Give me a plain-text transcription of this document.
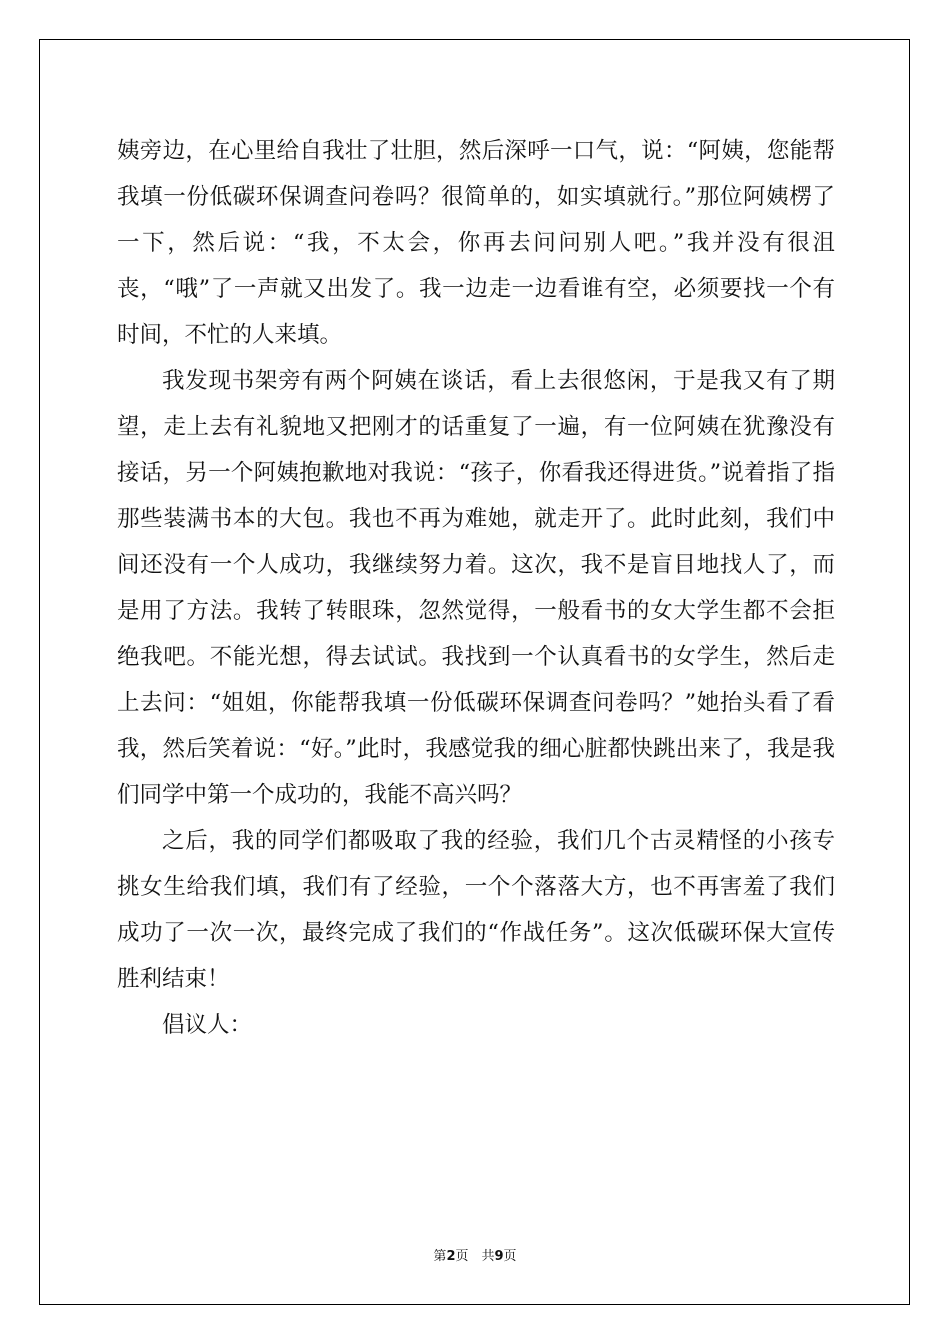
姨旁边，在心里给自我壮了壮胆，然后深呼一口气，说：“阿姨，您能帮我填一份低碳环保调查问卷吗？很简单的，如实填就行。”那位阿姨楞了一下，然后说：“我，不太会，你再去问问别人吧。”我并没有很沮丧，“哦”了一声就又出发了。我一边走一边看谁有空，必须要找一个有时间，不忙的人来填。

我发现书架旁有两个阿姨在谈话，看上去很悠闲，于是我又有了期望，走上去有礼貌地又把刚才的话重复了一遍，有一位阿姨在犹豫没有接话，另一个阿姨抱歉地对我说：“孩子，你看我还得进货。”说着指了指那些装满书本的大包。我也不再为难她，就走开了。此时此刻，我们中间还没有一个人成功，我继续努力着。这次，我不是盲目地找人了，而是用了方法。我转了转眼珠，忽然觉得，一般看书的女大学生都不会拒绝我吧。不能光想，得去试试。我找到一个认真看书的女学生，然后走上去问：“姐姐，你能帮我填一份低碳环保调查问卷吗？”她抬头看了看我，然后笑着说：“好。”此时，我感觉我的细心脏都快跳出来了，我是我们同学中第一个成功的，我能不高兴吗？

之后，我的同学们都吸取了我的经验，我们几个古灵精怪的小孩专挑女生给我们填，我们有了经验，一个个落落大方，也不再害羞了我们成功了一次一次，最终完成了我们的“作战任务”。这次低碳环保大宣传胜利结束！

倡议人：

第2页　共9页
